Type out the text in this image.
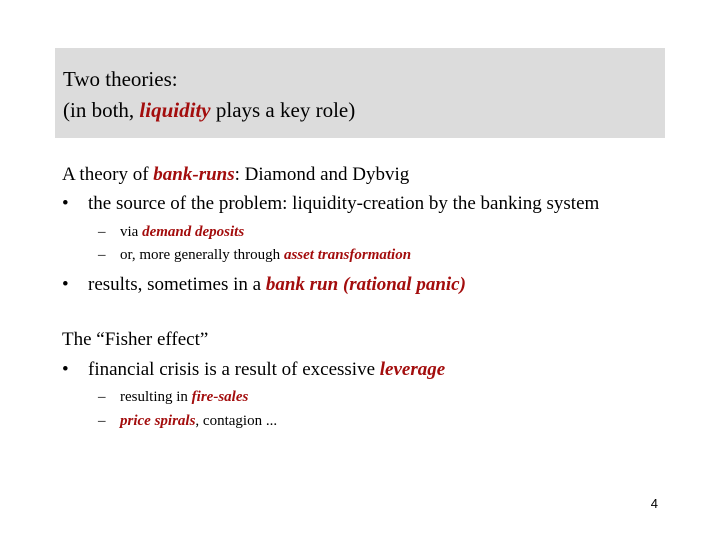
Two theories:
(in both, liquidity plays a key role)
A theory of bank-runs: Diamond and Dybvig
• the source of the problem: liquidity-creation by the banking system
– via demand deposits
– or, more generally through asset transformation
• results, sometimes in a bank run (rational panic)
The “Fisher effect”
• financial crisis is a result of excessive leverage
– resulting in fire-sales
– price spirals, contagion ...
4
